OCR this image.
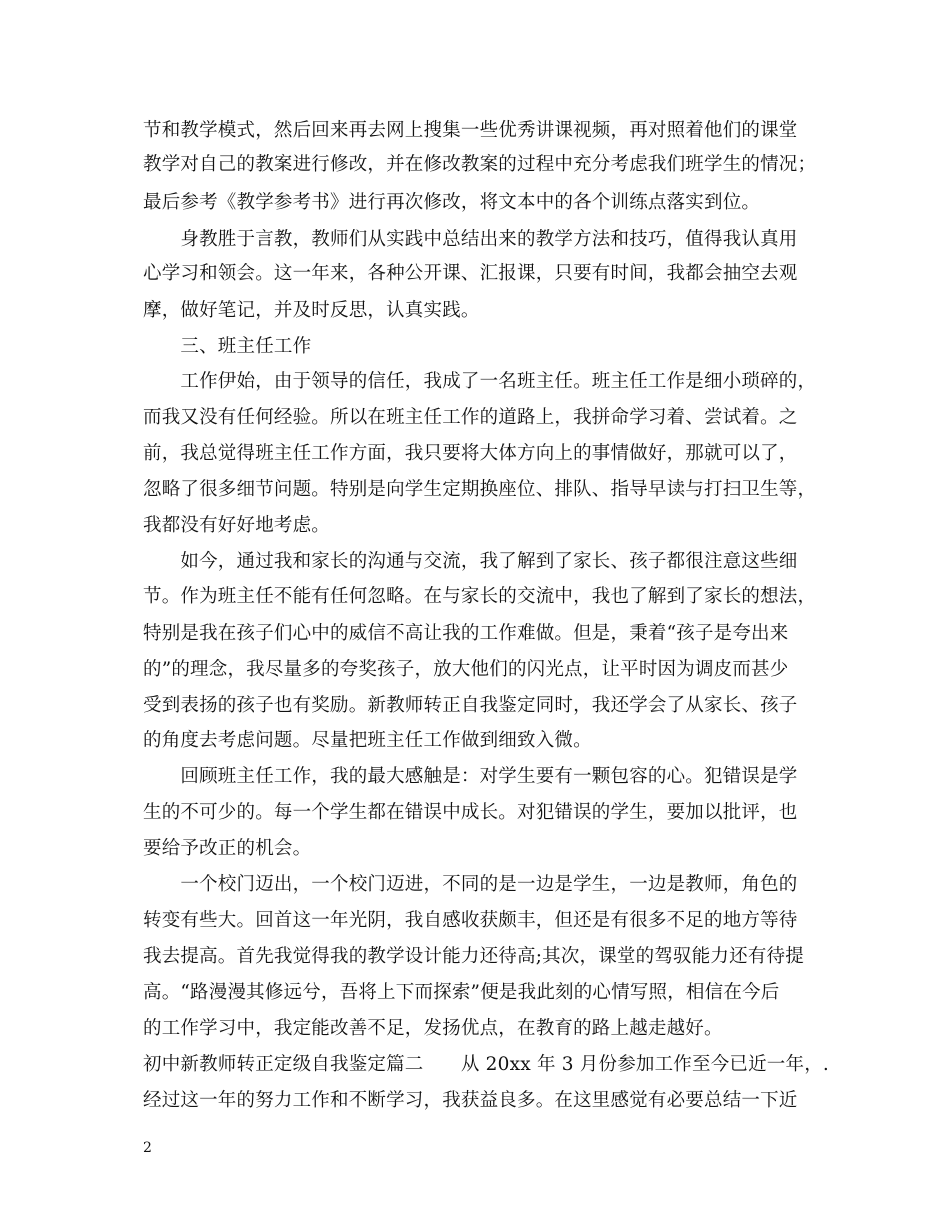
节和教学模式，然后回来再去网上搜集一些优秀讲课视频，再对照着他们的课堂
教学对自己的教案进行修改，并在修改教案的过程中充分考虑我们班学生的情况；
最后参考《教学参考书》进行再次修改，将文本中的各个训练点落实到位。
　　身教胜于言教，教师们从实践中总结出来的教学方法和技巧，值得我认真用
心学习和领会。这一年来，各种公开课、汇报课，只要有时间，我都会抽空去观
摩，做好笔记，并及时反思，认真实践。
　　三、班主任工作
　　工作伊始，由于领导的信任，我成了一名班主任。班主任工作是细小琐碎的，
而我又没有任何经验。所以在班主任工作的道路上，我拼命学习着、尝试着。之
前，我总觉得班主任工作方面，我只要将大体方向上的事情做好，那就可以了，
忽略了很多细节问题。特别是向学生定期换座位、排队、指导早读与打扫卫生等，
我都没有好好地考虑。
　　如今，通过我和家长的沟通与交流，我了解到了家长、孩子都很注意这些细
节。作为班主任不能有任何忽略。在与家长的交流中，我也了解到了家长的想法，
特别是我在孩子们心中的威信不高让我的工作难做。但是，秉着“孩子是夸出来
的”的理念，我尽量多的夸奖孩子，放大他们的闪光点，让平时因为调皮而甚少
受到表扬的孩子也有奖励。新教师转正自我鉴定同时，我还学会了从家长、孩子
的角度去考虑问题。尽量把班主任工作做到细致入微。
　　回顾班主任工作，我的最大感触是：对学生要有一颗包容的心。犯错误是学
生的不可少的。每一个学生都在错误中成长。对犯错误的学生，要加以批评，也
要给予改正的机会。
　　一个校门迈出，一个校门迈进，不同的是一边是学生，一边是教师，角色的
转变有些大。回首这一年光阴，我自感收获颇丰，但还是有很多不足的地方等待
我去提高。首先我觉得我的教学设计能力还待高;其次，课堂的驾驭能力还有待提
高。“路漫漫其修远兮，吾将上下而探索”便是我此刻的心情写照，相信在今后
的工作学习中，我定能改善不足，发扬优点，在教育的路上越走越好。
初中新教师转正定级自我鉴定篇二　　从 20xx 年 3 月份参加工作至今已近一年，.
经过这一年的努力工作和不断学习，我获益良多。在这里感觉有必要总结一下近
2
